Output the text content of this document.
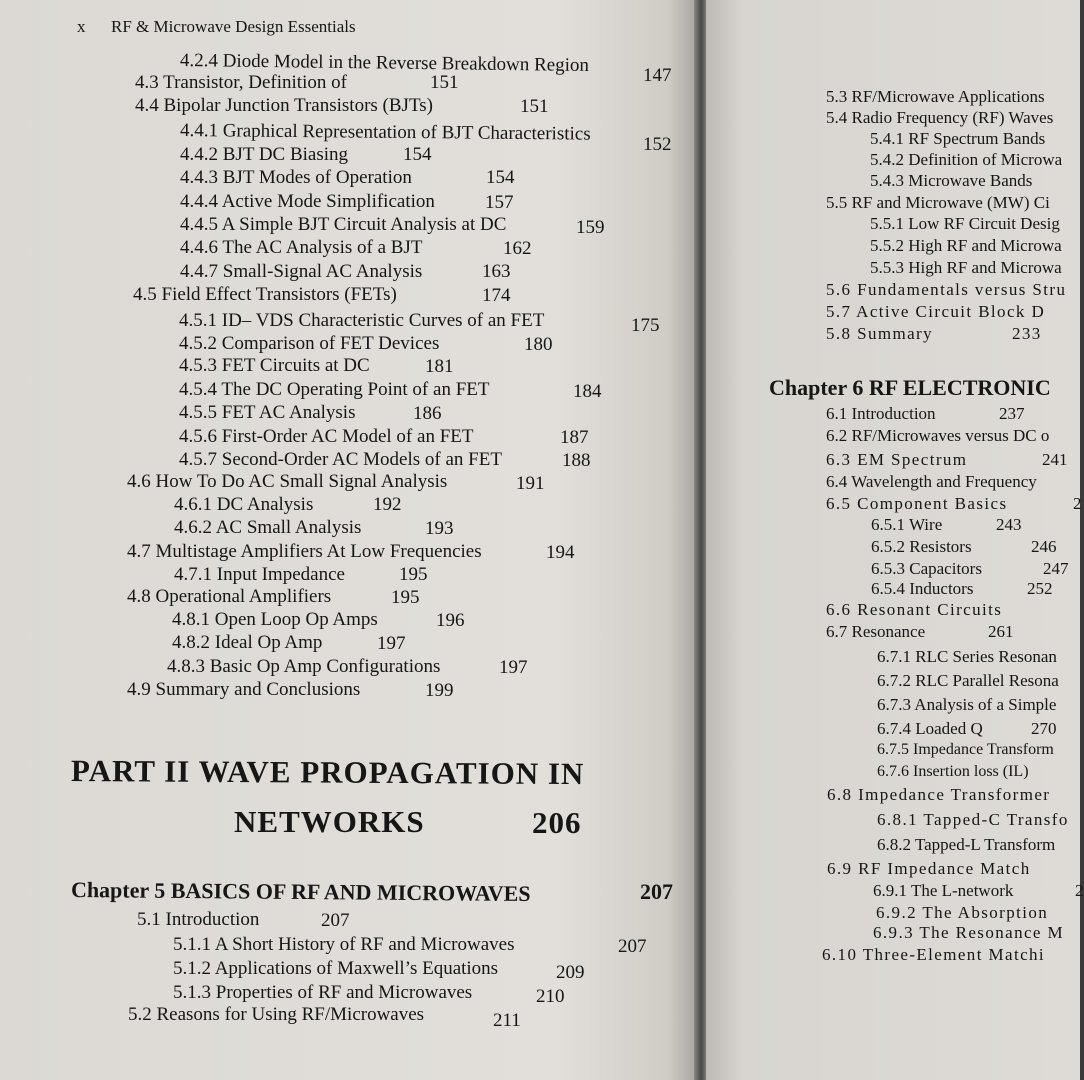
x RF & Microwave Design Essentials
4.2.4 Diode Model in the Reverse Breakdown Region	147
4.3 Transistor, Definition of	151
4.4 Bipolar Junction Transistors (BJTs)	151
4.4.1 Graphical Representation of BJT Characteristics	152
4.4.2 BJT DC Biasing	154
4.4.3 BJT Modes of Operation	154
4.4.4 Active Mode Simplification	157
4.4.5 A Simple BJT Circuit Analysis at DC	159
4.4.6 The AC Analysis of a BJT	162
4.4.7 Small-Signal AC Analysis	163
4.5 Field Effect Transistors (FETs)	174
4.5.1 ID– VDS Characteristic Curves of an FET	175
4.5.2 Comparison of FET Devices	180
4.5.3 FET Circuits at DC	181
4.5.4 The DC Operating Point of an FET	184
4.5.5 FET AC Analysis	186
4.5.6 First-Order AC Model of an FET	187
4.5.7 Second-Order AC Models of an FET	188
4.6 How To Do AC Small Signal Analysis	191
4.6.1 DC Analysis	192
4.6.2 AC Small Analysis	193
4.7 Multistage Amplifiers At Low Frequencies	194
4.7.1 Input Impedance	195
4.8 Operational Amplifiers	195
4.8.1 Open Loop Op Amps	196
4.8.2 Ideal Op Amp	197
4.8.3 Basic Op Amp Configurations	197
4.9 Summary and Conclusions	199
PART II WAVE PROPAGATION IN
NETWORKS	206
Chapter 5 BASICS OF RF AND MICROWAVES	207
5.1 Introduction	207
5.1.1 A Short History of RF and Microwaves	207
5.1.2 Applications of Maxwell’s Equations	209
5.1.3 Properties of RF and Microwaves	210
5.2 Reasons for Using RF/Microwaves	211
5.3 RF/Microwave Applications
5.4 Radio Frequency (RF) Waves
5.4.1 RF Spectrum Bands
5.4.2 Definition of Microwa
5.4.3 Microwave Bands
5.5 RF and Microwave (MW) Ci
5.5.1 Low RF Circuit Desig
5.5.2 High RF and Microwa
5.5.3 High RF and Microwa
5.6 Fundamentals versus Stru
5.7 Active Circuit Block D
5.8 Summary	233
Chapter 6 RF ELECTRONIC
6.1 Introduction	237
6.2 RF/Microwaves versus DC o
6.3 EM Spectrum	241
6.4 Wavelength and Frequency
6.5 Component Basics	2
6.5.1 Wire	243
6.5.2 Resistors	246
6.5.3 Capacitors	247
6.5.4 Inductors	252
6.6 Resonant Circuits
6.7 Resonance	261
6.7.1 RLC Series Resonan
6.7.2 RLC Parallel Resona
6.7.3 Analysis of a Simple
6.7.4 Loaded Q	270
6.7.5 Impedance Transform
6.7.6 Insertion loss (IL)
6.8 Impedance Transformer
6.8.1 Tapped-C Transfo
6.8.2 Tapped-L Transform
6.9 RF Impedance Match
6.9.1 The L-network	2
6.9.2 The Absorption
6.9.3 The Resonance M
6.10 Three-Element Matchi
